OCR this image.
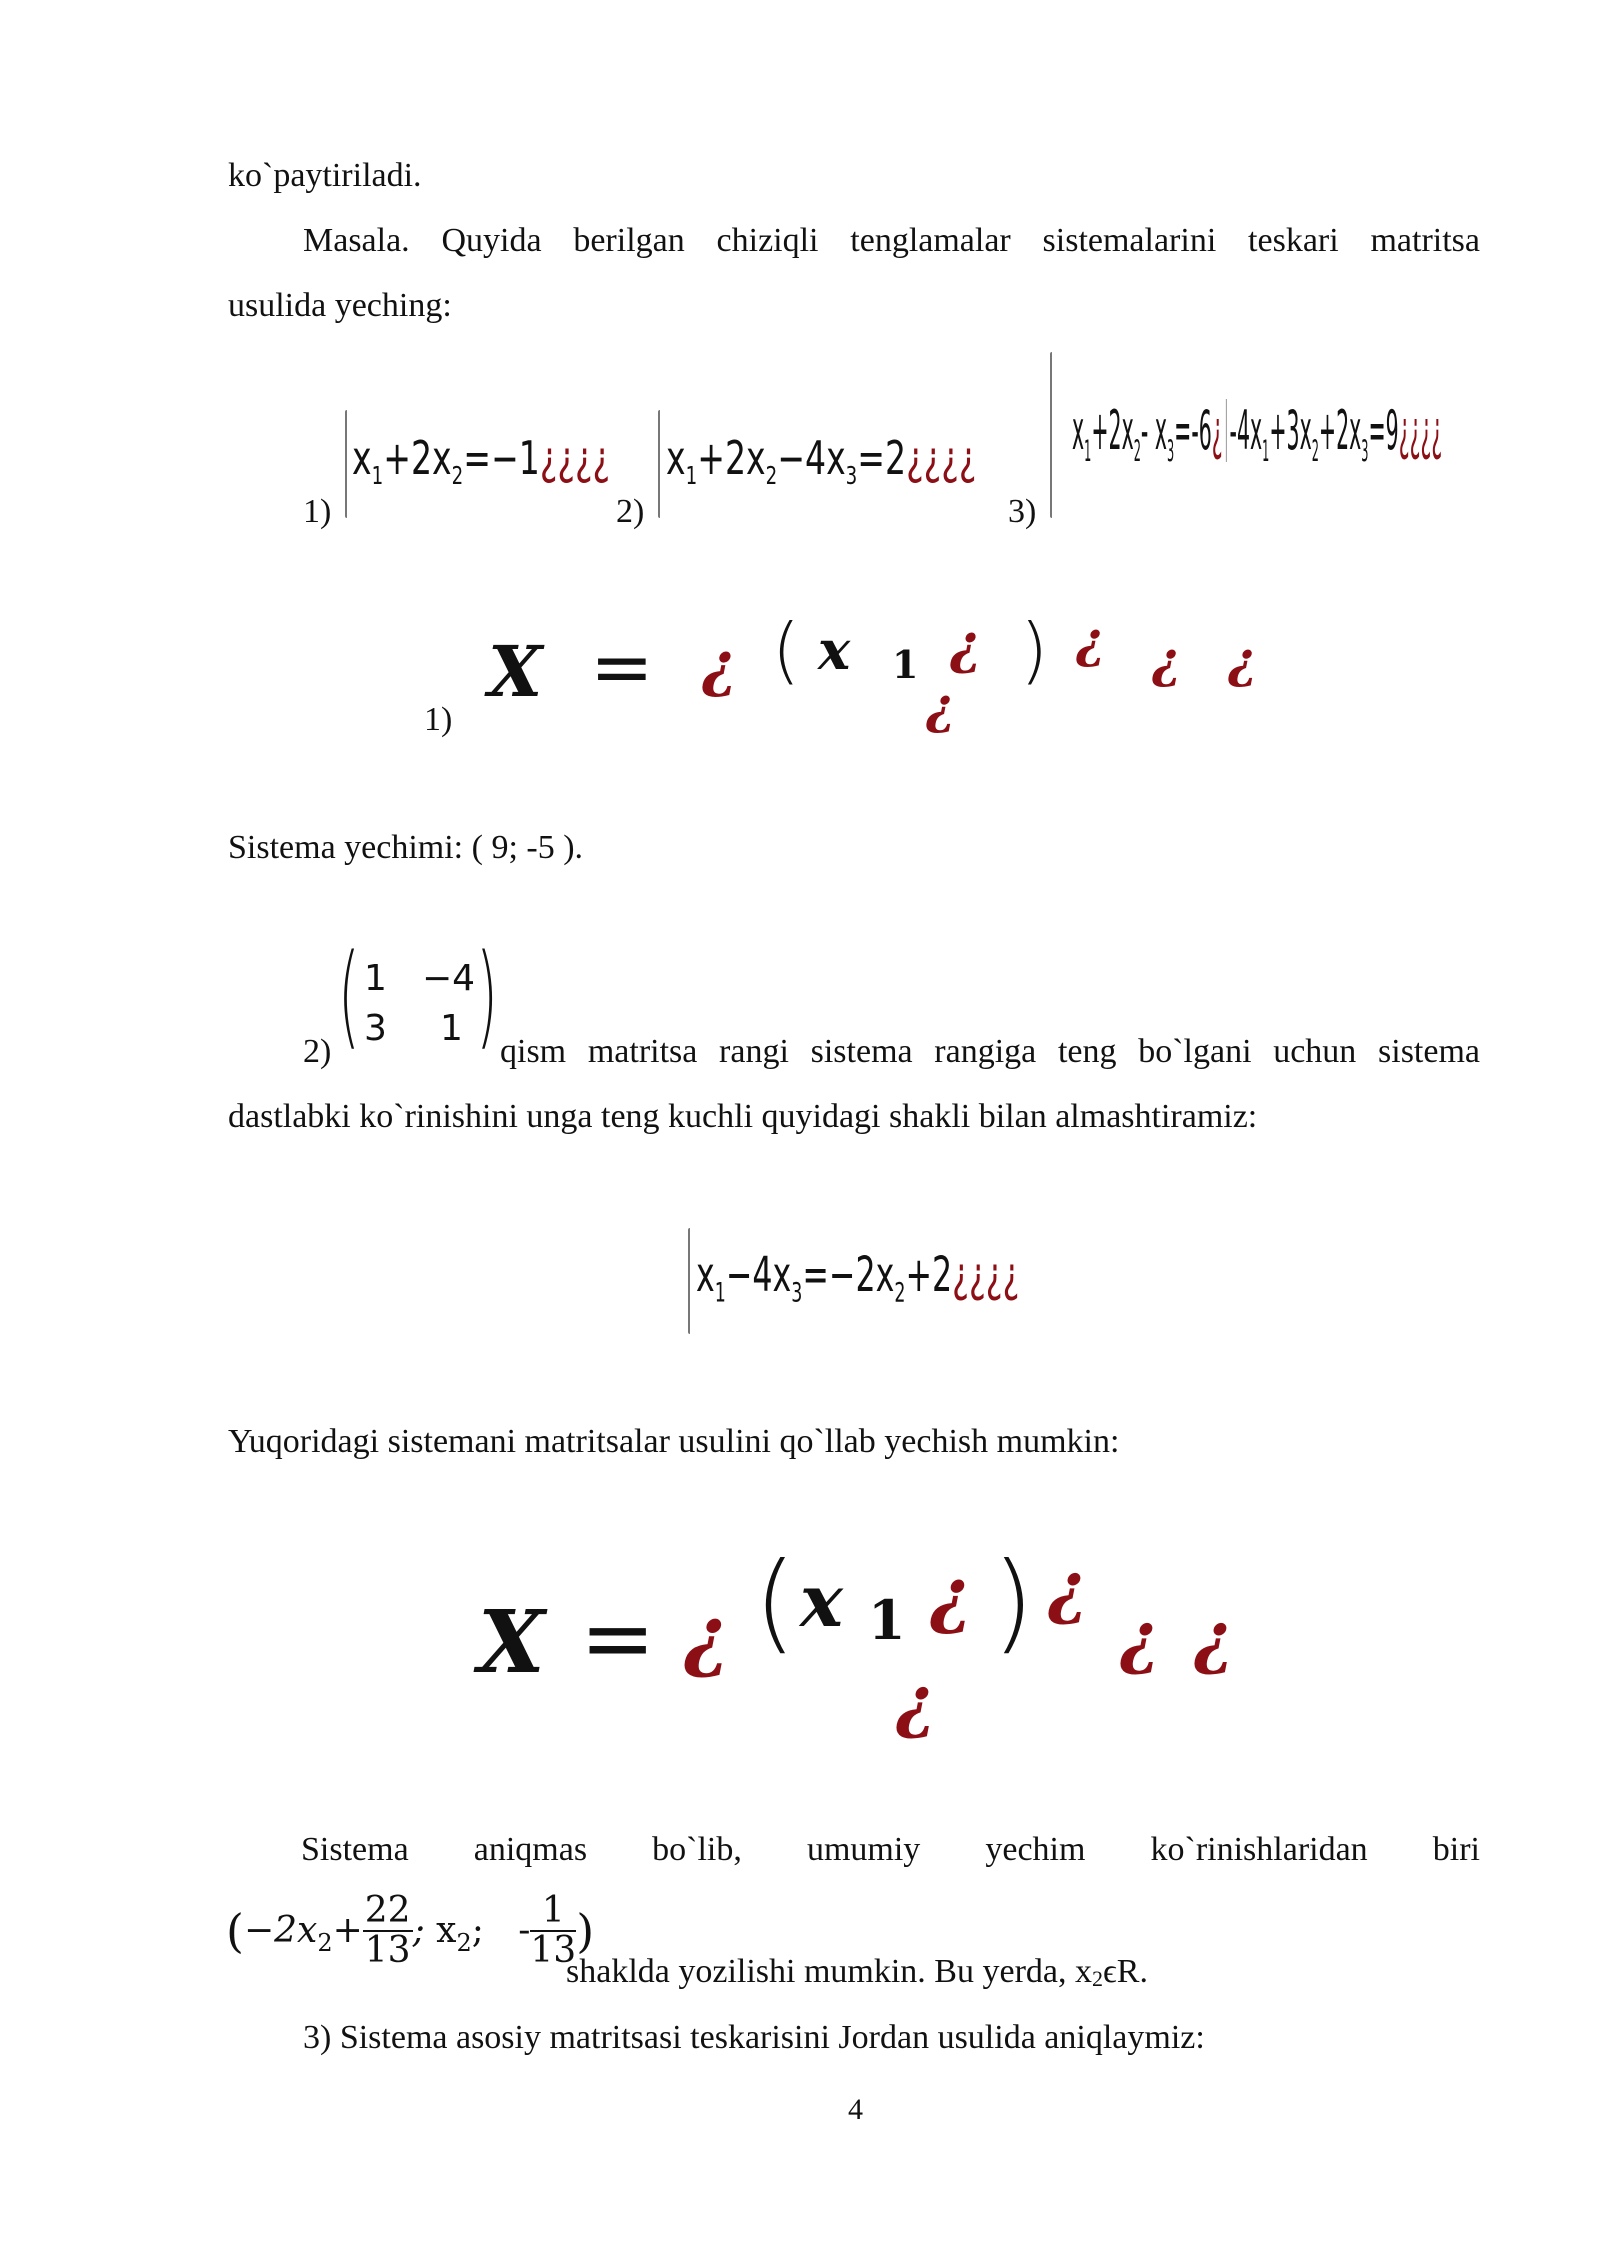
ko`paytiriladi.
Masala. Quyida berilgan chiziqli tenglamalar sistemalarini teskari matritsa
usulida yeching:
1)
$x_1+2x_2=-1¿¿¿¿$
2)
$x_1+2x_2-4x_3=2¿¿¿¿$
3)
$x_1+2x_2-$ $x_3=-6¿$ $-4x_1+3x_2+2x_3=9¿¿¿¿$
1)
X = ¿ ( x 1 ¿ ) ¿ ¿ ¿
¿
Sistema yechimi: ( 9; -5 ).
2) ( 1 −4
3 1 ) qism matritsa rangi sistema rangiga teng bo`lgani uchun sistema
dastlabki ko`rinishini unga teng kuchli quyidagi shakli bilan almashtiramiz:
$x_1-4x_3=-2x_2+2¿¿¿¿$
Yuqoridagi sistemani matritsalar usulini qo`llab yechish mumkin:
X = ¿ ( x 1 ¿ ) ¿
¿ ¿
¿
Sistema aniqmas bo`lib, umumiy yechim ko`rinishlaridan biri
($-2x_2+ \frac{22}{13}$ ; $x_2$;   - $\frac{1}{13}$ )
shaklda yozilishi mumkin. Bu yerda, x2ϵR.
3) Sistema asosiy matritsasi teskarisini Jordan usulida aniqlaymiz:
4
